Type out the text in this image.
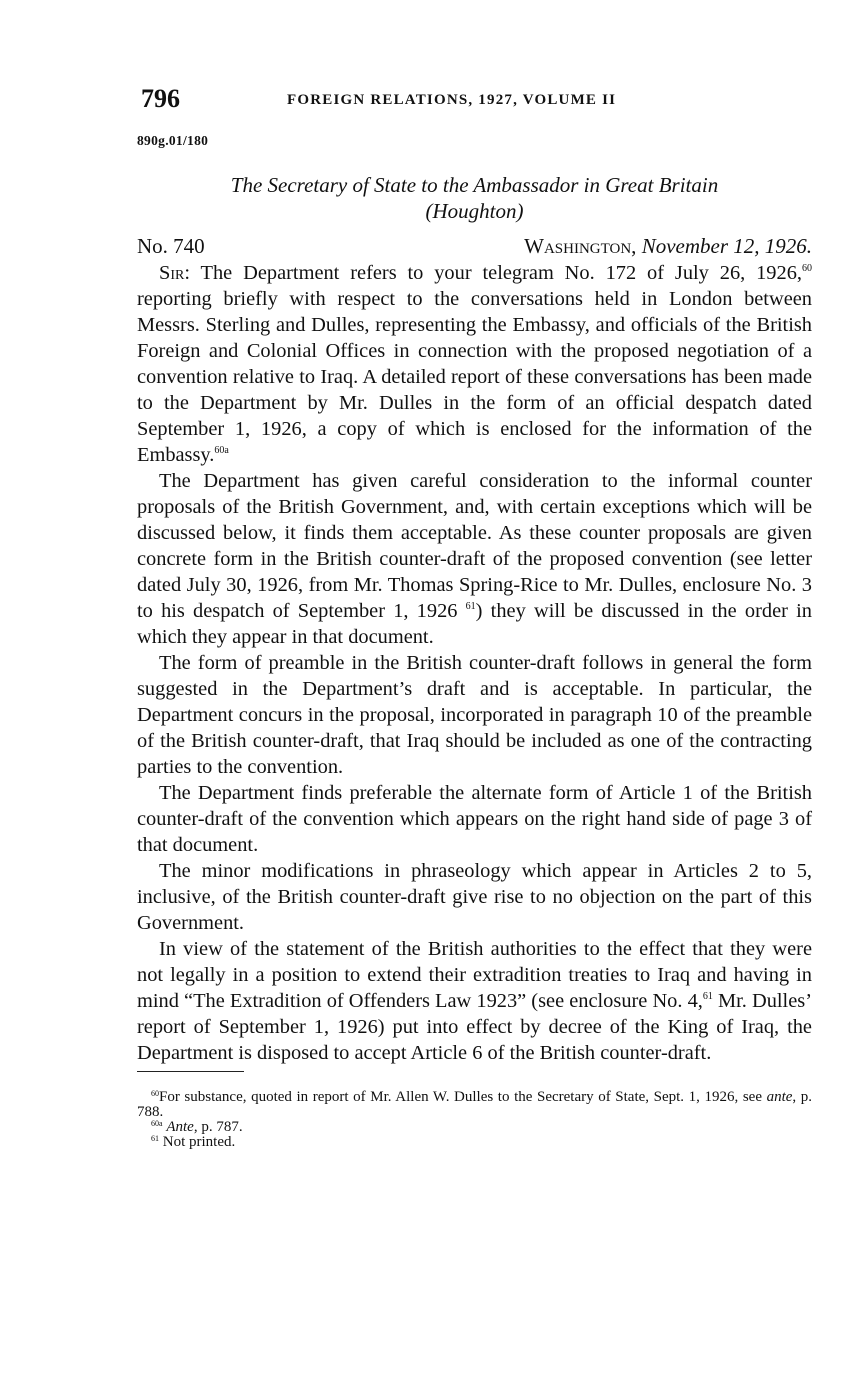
796	FOREIGN RELATIONS, 1927, VOLUME II
890g.01/180
The Secretary of State to the Ambassador in Great Britain
(Houghton)
No. 740	Washington, November 12, 1926.

Sir: The Department refers to your telegram No. 172 of July 26, 1926,60 reporting briefly with respect to the conversations held in London between Messrs. Sterling and Dulles, representing the Embassy, and officials of the British Foreign and Colonial Offices in connection with the proposed negotiation of a convention relative to Iraq. A detailed report of these conversations has been made to the Department by Mr. Dulles in the form of an official despatch dated September 1, 1926, a copy of which is enclosed for the information of the Embassy.$^{60a}$

The Department has given careful consideration to the informal counter proposals of the British Government, and, with certain exceptions which will be discussed below, it finds them acceptable. As these counter proposals are given concrete form in the British counter-draft of the proposed convention (see letter dated July 30, 1926, from Mr. Thomas Spring-Rice to Mr. Dulles, enclosure No. 3 to his despatch of September 1, 1926 $^{61}$) they will be discussed in the order in which they appear in that document.

The form of preamble in the British counter-draft follows in general the form suggested in the Department’s draft and is acceptable. In particular, the Department concurs in the proposal, incorporated in paragraph 10 of the preamble of the British counter-draft, that Iraq should be included as one of the contracting parties to the convention.

The Department finds preferable the alternate form of Article 1 of the British counter-draft of the convention which appears on the right hand side of page 3 of that document.

The minor modifications in phraseology which appear in Articles 2 to 5, inclusive, of the British counter-draft give rise to no objection on the part of this Government.

In view of the statement of the British authorities to the effect that they were not legally in a position to extend their extradition treaties to Iraq and having in mind “The Extradition of Offenders Law 1923” (see enclosure No. 4,61 Mr. Dulles’ report of September 1, 1926) put into effect by decree of the King of Iraq, the Department is disposed to accept Article 6 of the British counter-draft.

$^{60}$For substance, quoted in report of Mr. Allen W. Dulles to the Secretary of State, Sept. 1, 1926, see ante, p. 788.

$^{60a}$ Ante, p. 787.

$^{61}$ Not printed.
